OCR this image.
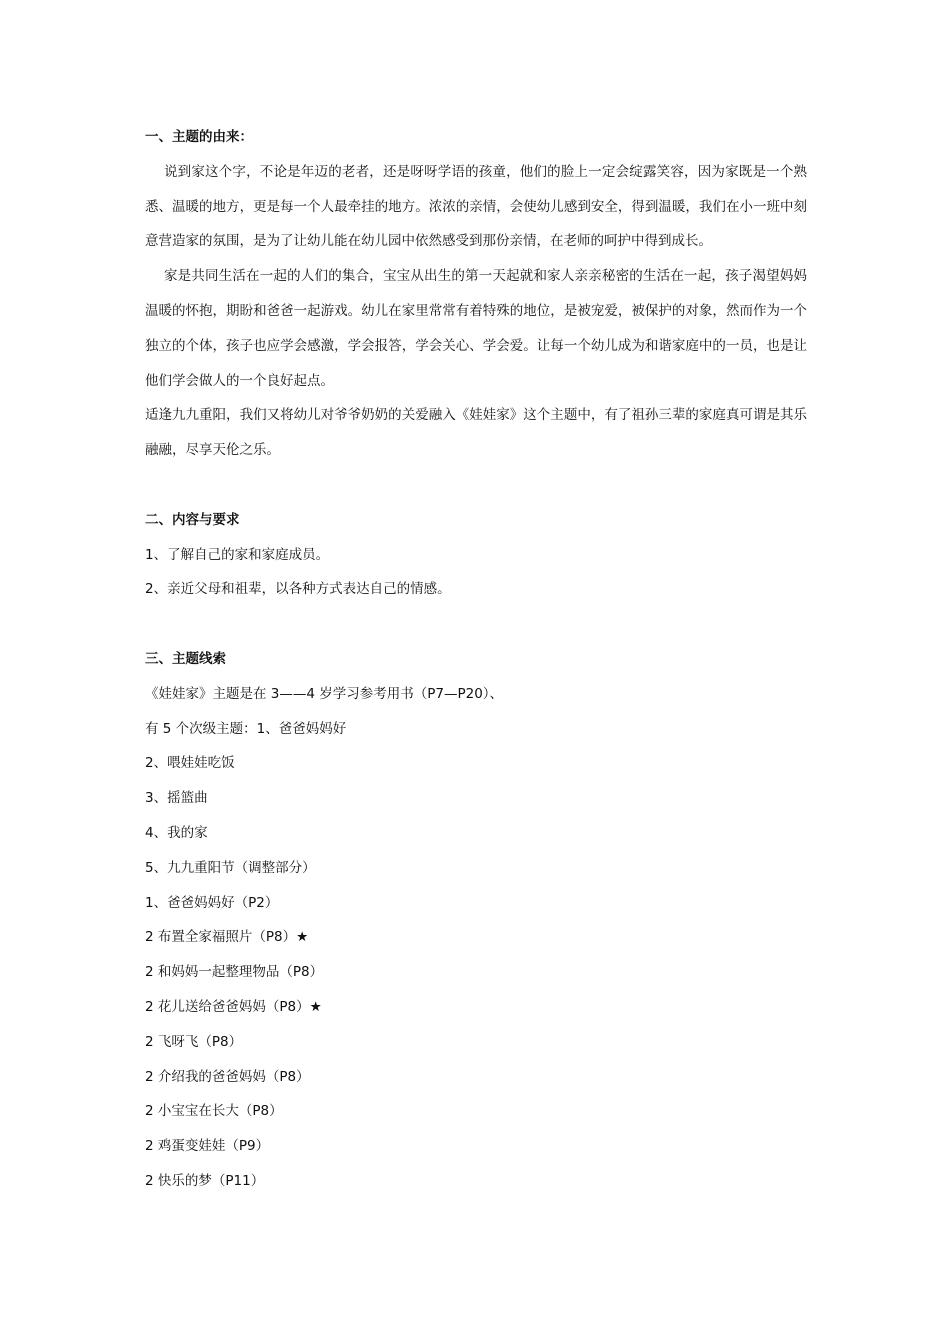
一、主题的由来：

说到家这个字，不论是年迈的老者，还是呀呀学语的孩童，他们的脸上一定会绽露笑容，因为家既是一个熟悉、温暖的地方，更是每一个人最牵挂的地方。浓浓的亲情，会使幼儿感到安全，得到温暖，我们在小一班中刻意营造家的氛围，是为了让幼儿能在幼儿园中依然感受到那份亲情，在老师的呵护中得到成长。

家是共同生活在一起的人们的集合，宝宝从出生的第一天起就和家人亲亲秘密的生活在一起，孩子渴望妈妈温暖的怀抱，期盼和爸爸一起游戏。幼儿在家里常常有着特殊的地位，是被宠爱，被保护的对象，然而作为一个独立的个体，孩子也应学会感激，学会报答，学会关心、学会爱。让每一个幼儿成为和谐家庭中的一员，也是让他们学会做人的一个良好起点。

适逢九九重阳，我们又将幼儿对爷爷奶奶的关爱融入《娃娃家》这个主题中，有了祖孙三辈的家庭真可谓是其乐融融，尽享天伦之乐。

二、内容与要求

1、了解自己的家和家庭成员。

2、亲近父母和祖辈，以各种方式表达自己的情感。

三、主题线索

《娃娃家》主题是在 3——4 岁学习参考用书（P7—P20）、

有 5 个次级主题：1、爸爸妈妈好

2、喂娃娃吃饭

3、摇篮曲

4、我的家

5、九九重阳节（调整部分）

1、爸爸妈妈好（P2）

2 布置全家福照片（P8）★

2 和妈妈一起整理物品（P8）

2 花儿送给爸爸妈妈（P8）★

2 飞呀飞（P8）

2 介绍我的爸爸妈妈（P8）

2 小宝宝在长大（P8）

2 鸡蛋变娃娃（P9）

2 快乐的梦（P11）
